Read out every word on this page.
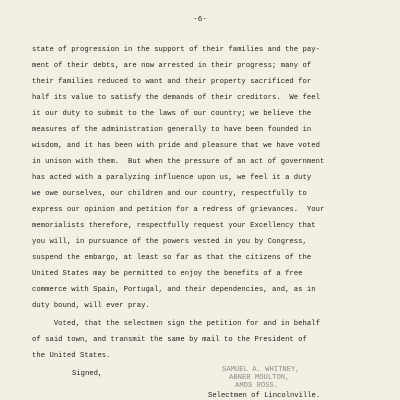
-6-
state of progression in the support of their families and the pay-
ment of their debts, are now arrested in their progress; many of
their families reduced to want and their property sacrificed for
half its value to satisfy the demands of their creditors.  We feel
it our duty to submit to the laws of our country; we believe the
measures of the administration generally to have been founded in
wisdom, and it has been with pride and pleasure that we have voted
in unison with them.  But when the pressure of an act of government
has acted with a paralyzing influence upon us, we feel it a duty
we owe ourselves, our children and our country, respectfully to
express our opinion and petition for a redress of grievances.  Your
memorialists therefore, respectfully request your Excellency that
you will, in pursuance of the powers vested in you by Congress,
suspend the embargo, at least so far as that the citizens of the
United States may be permitted to enjoy the benefits of a free
commerce with Spain, Portugal, and their dependencies, and, as in
duty bound, will ever pray.
Voted, that the selectmen sign the petition for and in behalf
of said town, and transmit the same by mail to the President of
the United States.
Signed,	SAMUEL A. WHITNEY,
ABNER MOULTON,
AMOS ROSS.
Selectmen of Lincolnville.
